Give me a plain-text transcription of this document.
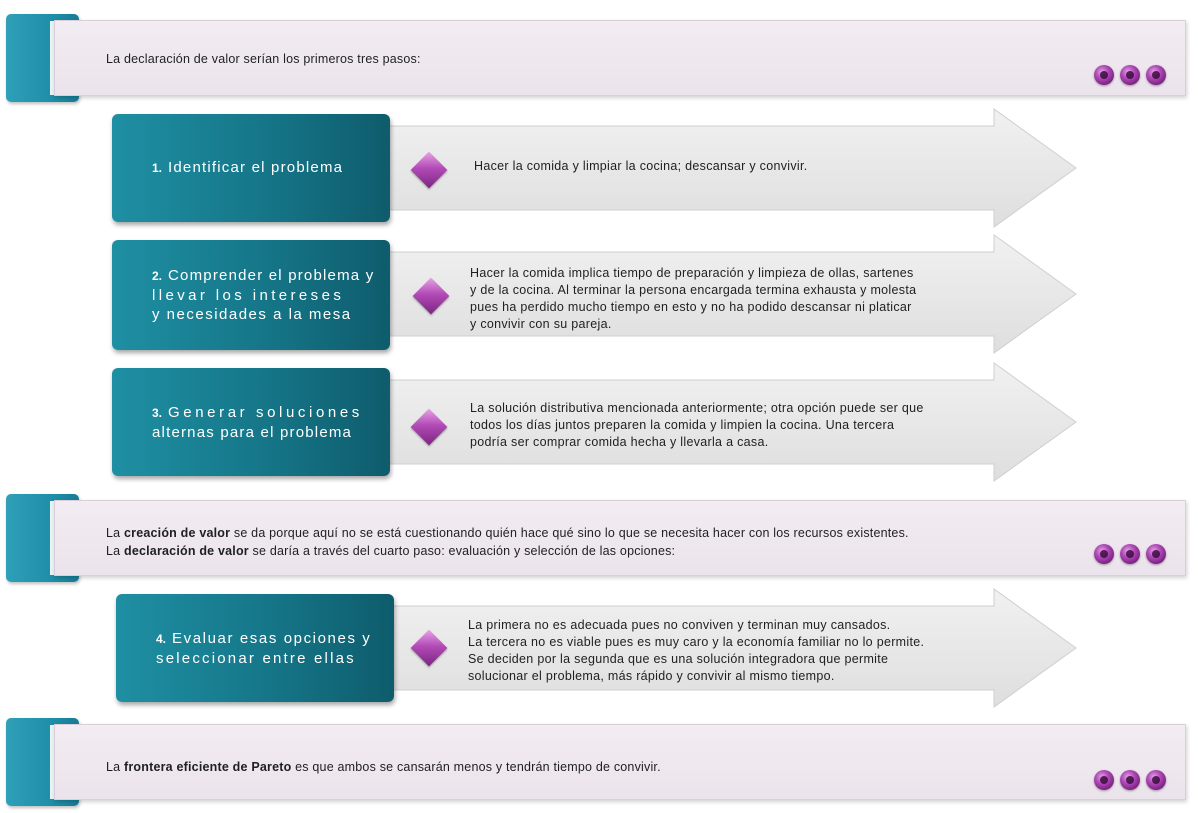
La declaración de valor serían los primeros tres pasos:
1. Identificar el problema	Hacer la comida y limpiar la cocina; descansar y convivir.
2. Comprender el problema y
llevar los intereses
y necesidades a la mesa
Hacer la comida implica tiempo de preparación y limpieza de ollas, sartenes
y de la cocina. Al terminar la persona encargada termina exhausta y molesta
pues ha perdido mucho tiempo en esto y no ha podido descansar ni platicar
y convivir con su pareja.
3. Generar soluciones
alternas para el problema
La solución distributiva mencionada anteriormente; otra opción puede ser que
todos los días juntos preparen la comida y limpien la cocina. Una tercera
podría ser comprar comida hecha y llevarla a casa.
La creación de valor se da porque aquí no se está cuestionando quién hace qué sino lo que se necesita hacer con los recursos existentes.
La declaración de valor se daría a través del cuarto paso: evaluación y selección de las opciones:
4. Evaluar esas opciones y
seleccionar entre ellas
La primera no es adecuada pues no conviven y terminan muy cansados.
La tercera no es viable pues es muy caro y la economía familiar no lo permite.
Se deciden por la segunda que es una solución integradora que permite
solucionar el problema, más rápido y convivir al mismo tiempo.
La frontera eficiente de Pareto es que ambos se cansarán menos y tendrán tiempo de convivir.
